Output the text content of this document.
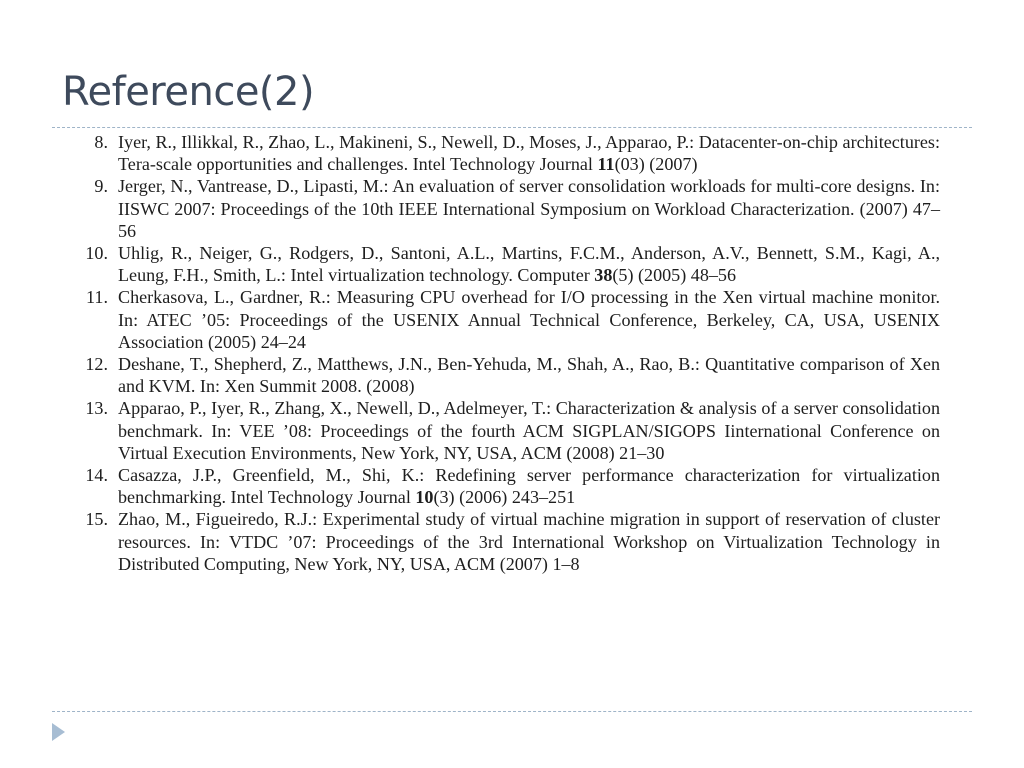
Reference(2)
8. Iyer, R., Illikkal, R., Zhao, L., Makineni, S., Newell, D., Moses, J., Apparao, P.: Datacenter-on-chip architectures: Tera-scale opportunities and challenges. Intel Technology Journal 11(03) (2007)
9. Jerger, N., Vantrease, D., Lipasti, M.: An evaluation of server consolidation workloads for multi-core designs. In: IISWC 2007: Proceedings of the 10th IEEE International Symposium on Workload Characterization. (2007) 47–56
10. Uhlig, R., Neiger, G., Rodgers, D., Santoni, A.L., Martins, F.C.M., Anderson, A.V., Bennett, S.M., Kagi, A., Leung, F.H., Smith, L.: Intel virtualization technology. Computer 38(5) (2005) 48–56
11. Cherkasova, L., Gardner, R.: Measuring CPU overhead for I/O processing in the Xen virtual machine monitor. In: ATEC ’05: Proceedings of the USENIX Annual Technical Conference, Berkeley, CA, USA, USENIX Association (2005) 24–24
12. Deshane, T., Shepherd, Z., Matthews, J.N., Ben-Yehuda, M., Shah, A., Rao, B.: Quantitative comparison of Xen and KVM. In: Xen Summit 2008. (2008)
13. Apparao, P., Iyer, R., Zhang, X., Newell, D., Adelmeyer, T.: Characterization & analysis of a server consolidation benchmark. In: VEE ’08: Proceedings of the fourth ACM SIGPLAN/SIGOPS Iinternational Conference on Virtual Execution Environments, New York, NY, USA, ACM (2008) 21–30
14. Casazza, J.P., Greenfield, M., Shi, K.: Redefining server performance characterization for virtualization benchmarking. Intel Technology Journal 10(3) (2006) 243–251
15. Zhao, M., Figueiredo, R.J.: Experimental study of virtual machine migration in support of reservation of cluster resources. In: VTDC ’07: Proceedings of the 3rd International Workshop on Virtualization Technology in Distributed Computing, New York, NY, USA, ACM (2007) 1–8
